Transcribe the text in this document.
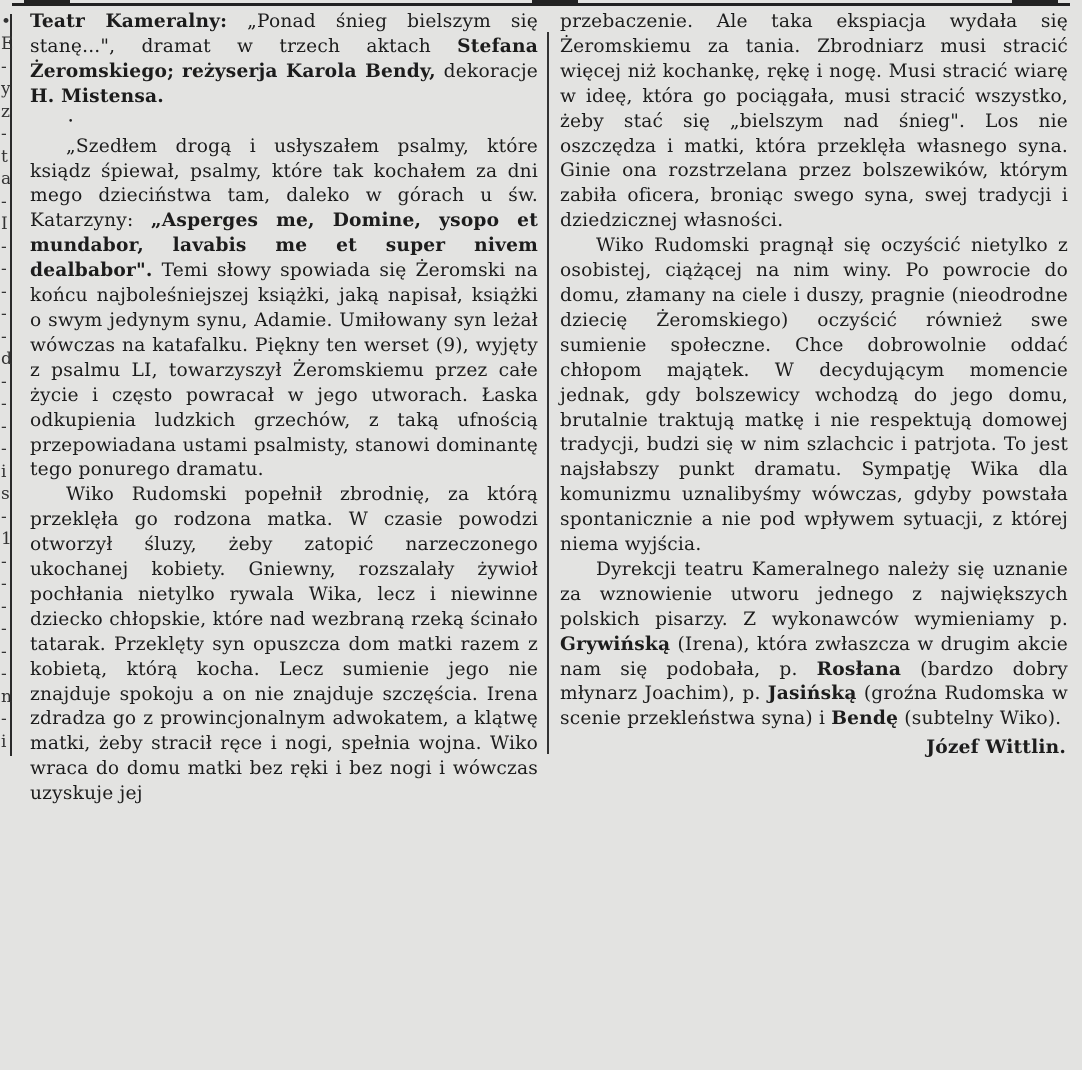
•
E
-
y
z
-
t
a
-
I
-
-
-
-
-
d
-
-
-
-
i
s
-
1
-
-
-
-
-
-
n
-
i

Teatr Kameralny: „Ponad śnieg bielszym się stanę...", dramat w trzech aktach Stefana Żeromskiego; reżyserja Karola Bendy, dekoracje H. Mistensa.

•

„Szedłem drogą i usłyszałem psalmy, które ksiądz śpiewał, psalmy, które tak kochałem za dni mego dzieciństwa tam, daleko w górach u św. Katarzyny: „Asperges me, Domine, ysopo et mundabor, lavabis me et super nivem dealbabor". Temi słowy spowiada się Żeromski na końcu najboleśniejszej książki, jaką napisał, książki o swym jedynym synu, Adamie. Umiłowany syn leżał wówczas na katafalku. Piękny ten werset (9), wyjęty z psalmu LI, towarzyszył Żeromskiemu przez całe życie i często powracał w jego utworach. Łaska odkupienia ludzkich grzechów, z taką ufnością przepowiadana ustami psalmisty, stanowi dominantę tego ponurego dramatu.

Wiko Rudomski popełnił zbrodnię, za którą przeklęła go rodzona matka. W czasie powodzi otworzył śluzy, żeby zatopić narzeczonego ukochanej kobiety. Gniewny, rozszalały żywioł pochłania nietylko rywala Wika, lecz i niewinne dziecko chłopskie, które nad wezbraną rzeką ścinało tatarak. Przeklęty syn opuszcza dom matki razem z kobietą, którą kocha. Lecz sumienie jego nie znajduje spokoju a on nie znajduje szczęścia. Irena zdradza go z prowincjonalnym adwokatem, a klątwę matki, żeby stracił ręce i nogi, spełnia wojna. Wiko wraca do domu matki bez ręki i bez nogi i wówczas uzyskuje jej

przebaczenie. Ale taka ekspiacja wydała się Żeromskiemu za tania. Zbrodniarz musi stracić więcej niż kochankę, rękę i nogę. Musi stracić wiarę w ideę, która go pociągała, musi stracić wszystko, żeby stać się „bielszym nad śnieg". Los nie oszczędza i matki, która przeklęła własnego syna. Ginie ona rozstrzelana przez bolszewików, którym zabiła oficera, broniąc swego syna, swej tradycji i dziedzicznej własności.

Wiko Rudomski pragnął się oczyścić nietylko z osobistej, ciążącej na nim winy. Po powrocie do domu, złamany na ciele i duszy, pragnie (nieodrodne dziecię Żeromskiego) oczyścić również swe sumienie społeczne. Chce dobrowolnie oddać chłopom majątek. W decydującym momencie jednak, gdy bolszewicy wchodzą do jego domu, brutalnie traktują matkę i nie respektują domowej tradycji, budzi się w nim szlachcic i patrjota. To jest najsłabszy punkt dramatu. Sympatję Wika dla komunizmu uznalibyśmy wówczas, gdyby powstała spontanicznie a nie pod wpływem sytuacji, z której niema wyjścia.

Dyrekcji teatru Kameralnego należy się uznanie za wznowienie utworu jednego z największych polskich pisarzy. Z wykonawców wymieniamy p. Grywińską (Irena), która zwłaszcza w drugim akcie nam się podobała, p. Rosłana (bardzo dobry młynarz Joachim), p. Jasińską (groźna Rudomska w scenie przekleństwa syna) i Bendę (subtelny Wiko).

Józef Wittlin.
